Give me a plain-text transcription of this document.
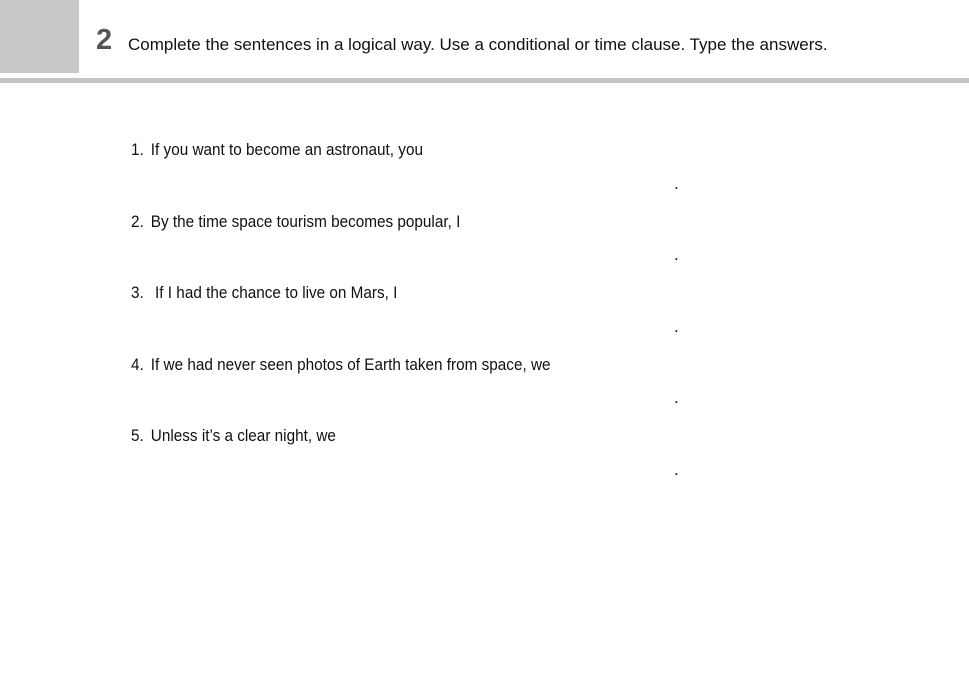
2 Complete the sentences in a logical way. Use a conditional or time clause. Type the answers.
1. If you want to become an astronaut, you
.
2. By the time space tourism becomes popular, I
.
3. If I had the chance to live on Mars, I
.
4. If we had never seen photos of Earth taken from space, we
.
5. Unless it’s a clear night, we
.
